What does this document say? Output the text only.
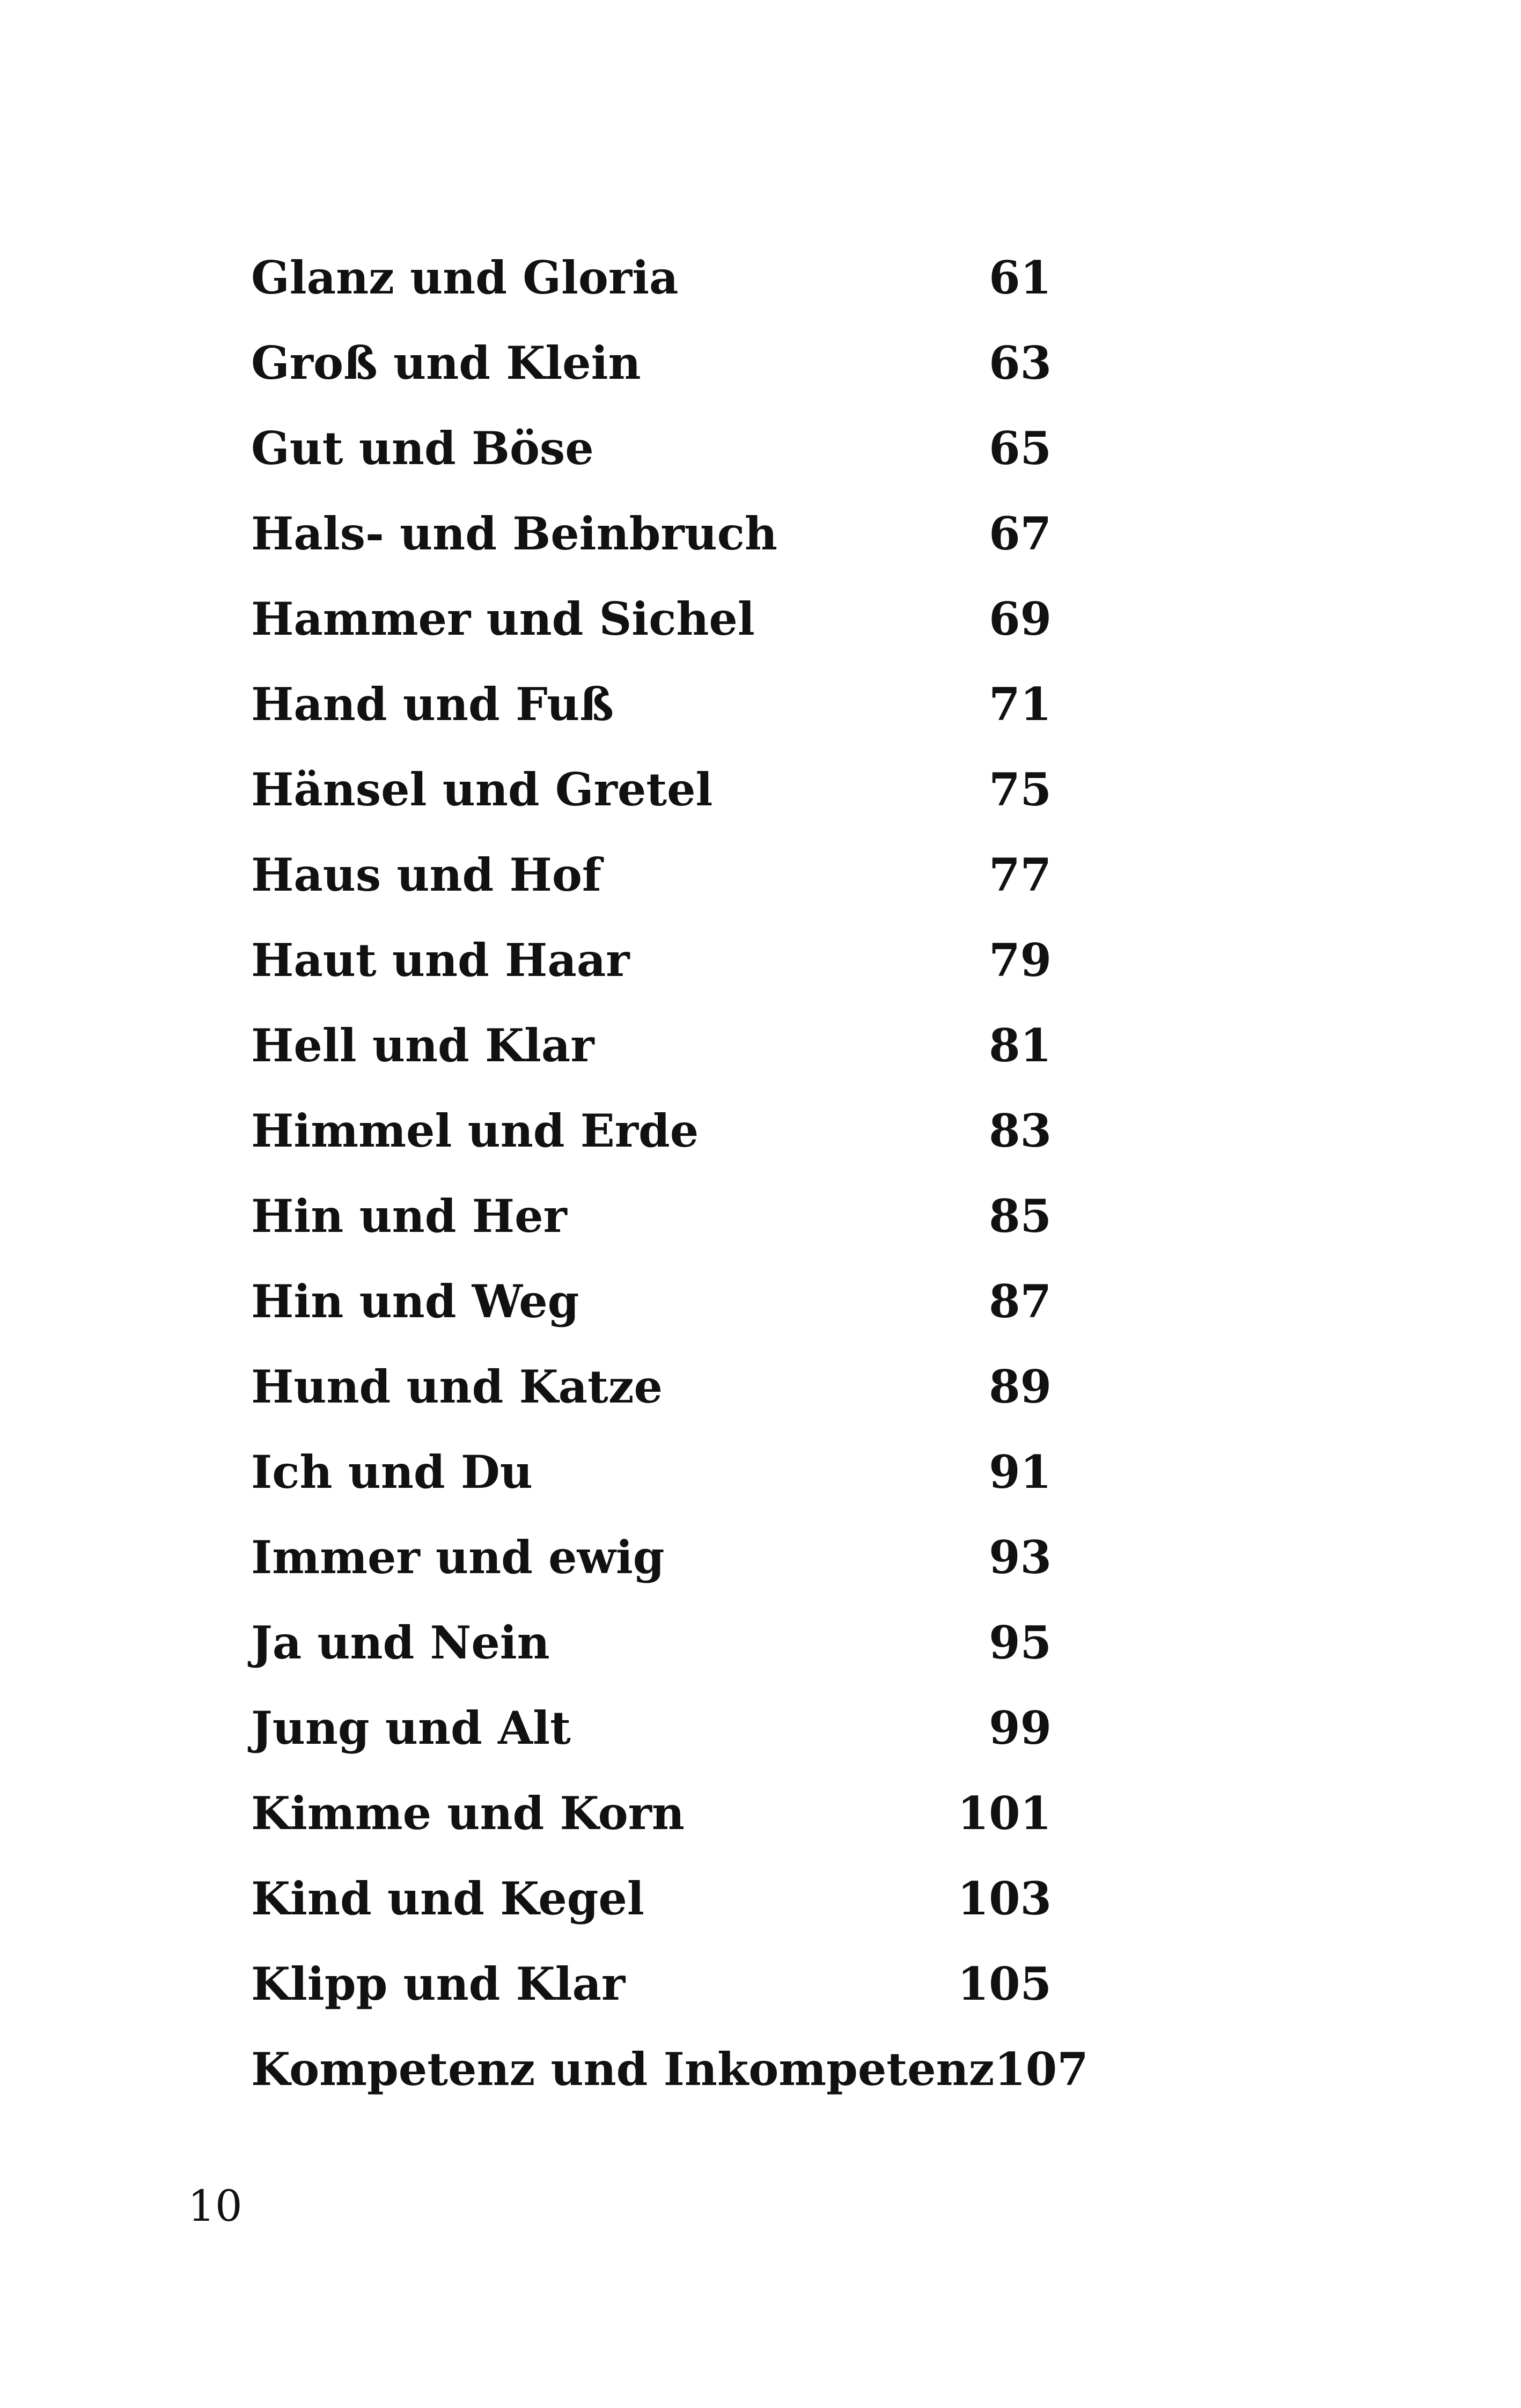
Glanz und Gloria	61
Groß und Klein	63
Gut und Böse	65
Hals- und Beinbruch	67
Hammer und Sichel	69
Hand und Fuß	71
Hänsel und Gretel	75
Haus und Hof	77
Haut und Haar	79
Hell und Klar	81
Himmel und Erde	83
Hin und Her	85
Hin und Weg	87
Hund und Katze	89
Ich und Du	91
Immer und ewig	93
Ja und Nein	95
Jung und Alt	99
Kimme und Korn	101
Kind und Kegel	103
Klipp und Klar	105
Kompetenz und Inkompetenz 107
10
